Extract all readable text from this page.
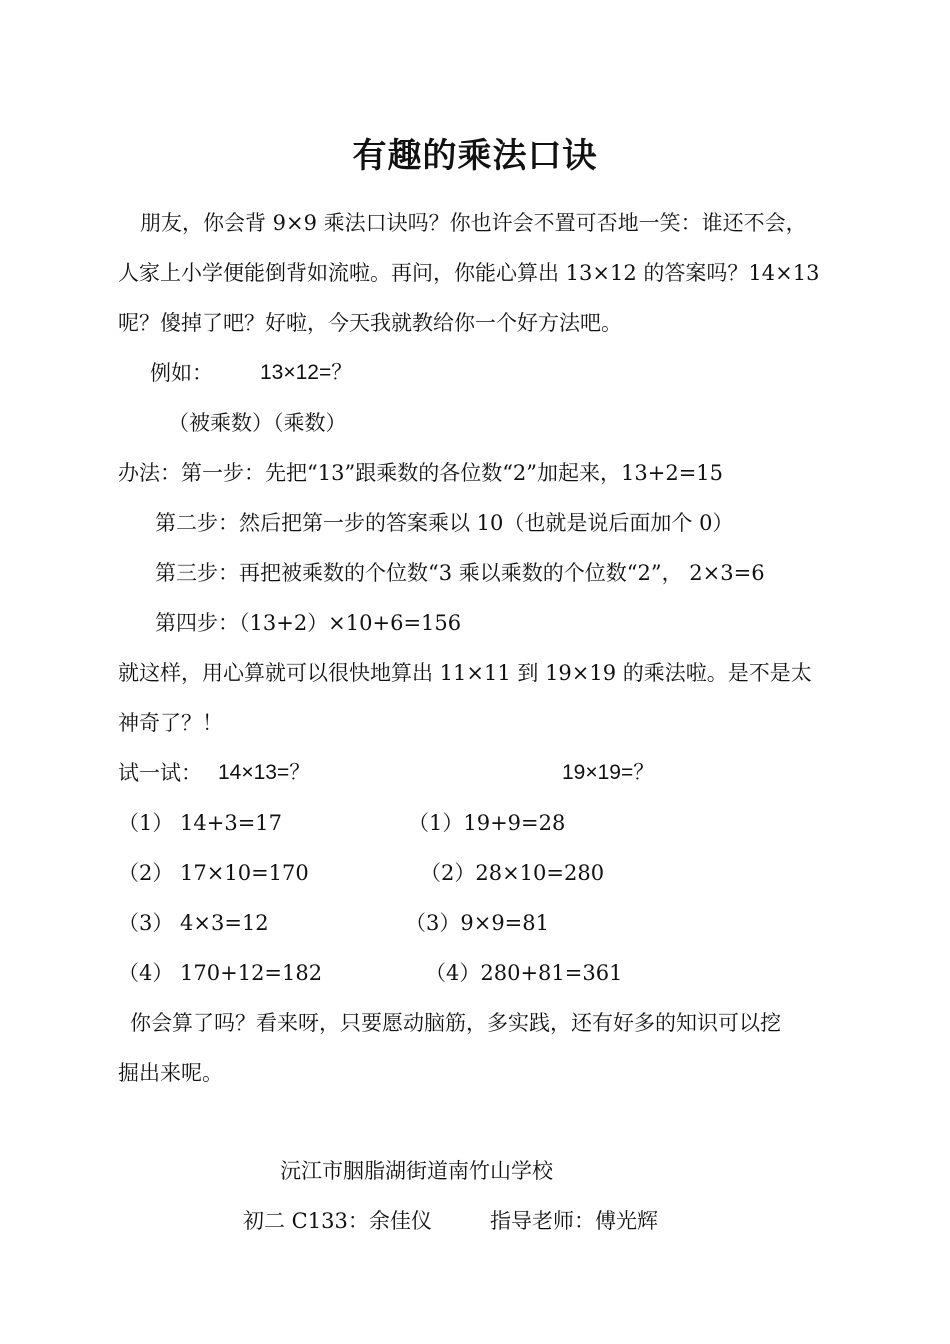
有趣的乘法口诀
朋友，你会背 9×9 乘法口诀吗？你也许会不置可否地一笑：谁还不会，
人家上小学便能倒背如流啦。再问，你能心算出 13×12 的答案吗？14×13
呢？傻掉了吧？好啦，今天我就教给你一个好方法吧。
例如： 13×12=？
（被乘数）（乘数）
办法：第一步：先把“13”跟乘数的各位数“2”加起来，13+2=15
第二步：然后把第一步的答案乘以 10（也就是说后面加个 0）
第三步：再把被乘数的个位数“3 乘以乘数的个位数“2”， 2×3=6
第四步：（13+2）×10+6=156
就这样，用心算就可以很快地算出 11×11 到 19×19 的乘法啦。是不是太
神奇了？！
试一试： 14×13=？	19×19=？
（1） 14+3=17	（1）19+9=28
（2） 17×10=170	（2）28×10=280
（3） 4×3=12	（3）9×9=81
（4） 170+12=182	（4）280+81=361
你会算了吗？看来呀，只要愿动脑筋，多实践，还有好多的知识可以挖
掘出来呢。
沅江市胭脂湖街道南竹山学校
初二 C133：余佳仪	指导老师：傅光辉
